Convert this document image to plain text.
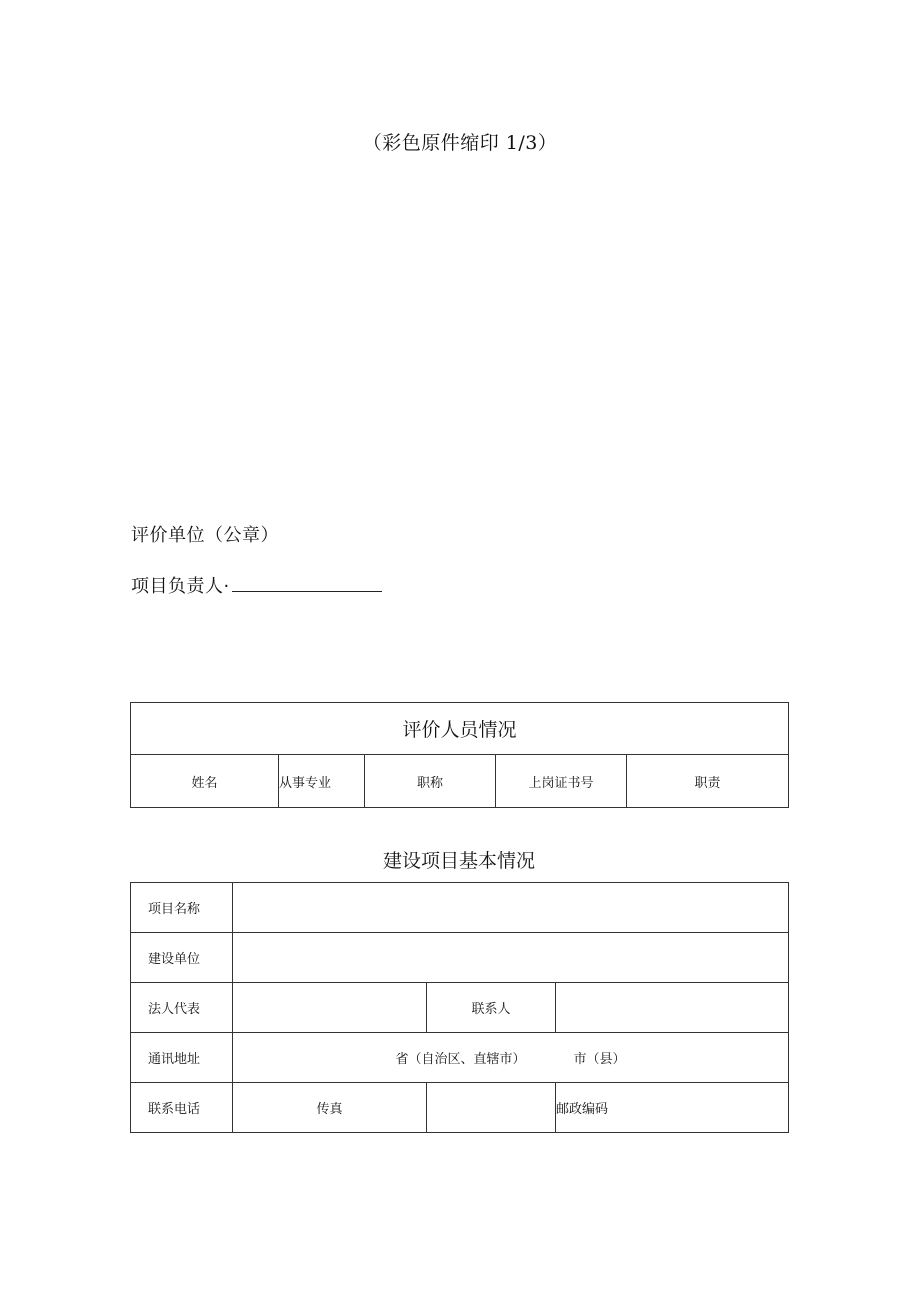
（彩色原件缩印 1/3）
评价单位（公章）
项目负责人·
评价人员情况
姓名	从事专业	职称	上岗证书号	职责
建设项目基本情况
项目名称			
建设单位			
法人代表		联系人	
通讯地址	省（自治区、直辖市） 市（县）		
联系电话	传真		邮政编码
